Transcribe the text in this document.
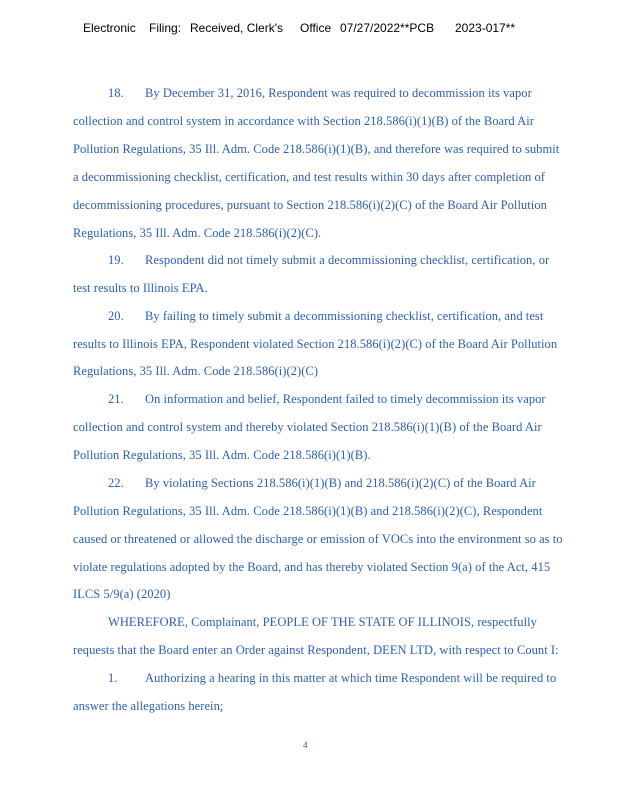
Electronic Filing: Received, Clerk's Office 07/27/2022**PCB 2023-017**
18. By December 31, 2016, Respondent was required to decommission its vapor
collection and control system in accordance with Section 218.586(i)(1)(B) of the Board Air
Pollution Regulations, 35 Ill. Adm. Code 218.586(i)(1)(B), and therefore was required to submit
a decommissioning checklist, certification, and test results within 30 days after completion of
decommissioning procedures, pursuant to Section 218.586(i)(2)(C) of the Board Air Pollution
Regulations, 35 Ill. Adm. Code 218.586(i)(2)(C).
19. Respondent did not timely submit a decommissioning checklist, certification, or
test results to Illinois EPA.
20. By failing to timely submit a decommissioning checklist, certification, and test
results to Illinois EPA, Respondent violated Section 218.586(i)(2)(C) of the Board Air Pollution
Regulations, 35 Ill. Adm. Code 218.586(i)(2)(C)
21. On information and belief, Respondent failed to timely decommission its vapor
collection and control system and thereby violated Section 218.586(i)(1)(B) of the Board Air
Pollution Regulations, 35 Ill. Adm. Code 218.586(i)(1)(B).
22. By violating Sections 218.586(i)(1)(B) and 218.586(i)(2)(C) of the Board Air
Pollution Regulations, 35 Ill. Adm. Code 218.586(i)(1)(B) and 218.586(i)(2)(C), Respondent
caused or threatened or allowed the discharge or emission of VOCs into the environment so as to
violate regulations adopted by the Board, and has thereby violated Section 9(a) of the Act, 415
ILCS 5/9(a) (2020)
WHEREFORE, Complainant, PEOPLE OF THE STATE OF ILLINOIS, respectfully
requests that the Board enter an Order against Respondent, DEEN LTD, with respect to Count I:
1. Authorizing a hearing in this matter at which time Respondent will be required to
answer the allegations herein;
4
